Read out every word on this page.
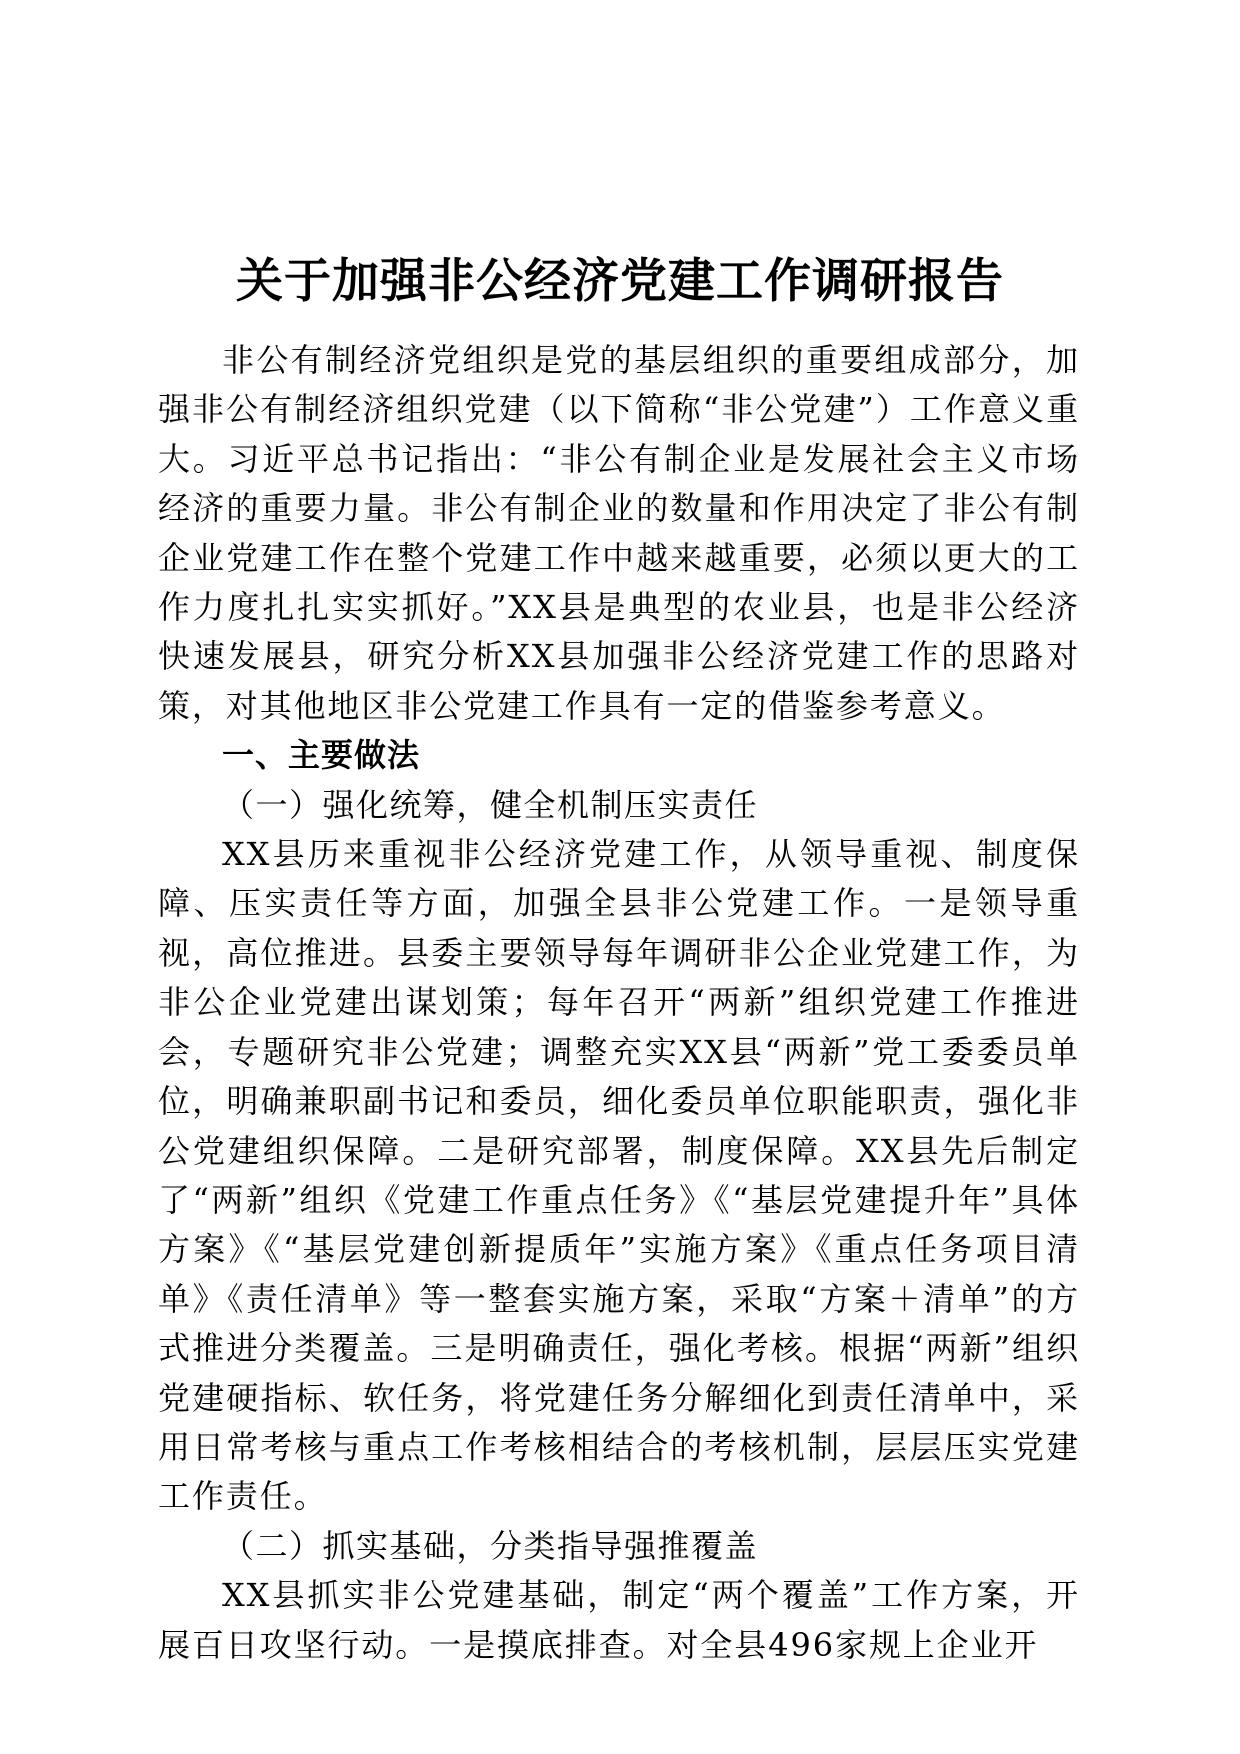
关于加强非公经济党建工作调研报告

非公有制经济党组织是党的基层组织的重要组成部分，加强非公有制经济组织党建（以下简称“非公党建”）工作意义重大。习近平总书记指出：“非公有制企业是发展社会主义市场经济的重要力量。非公有制企业的数量和作用决定了非公有制企业党建工作在整个党建工作中越来越重要，必须以更大的工作力度扎扎实实抓好。”XX县是典型的农业县，也是非公经济快速发展县，研究分析XX县加强非公经济党建工作的思路对策，对其他地区非公党建工作具有一定的借鉴参考意义。

一、主要做法

（一）强化统筹，健全机制压实责任

XX县历来重视非公经济党建工作，从领导重视、制度保障、压实责任等方面，加强全县非公党建工作。一是领导重视，高位推进。县委主要领导每年调研非公企业党建工作，为非公企业党建出谋划策；每年召开“两新”组织党建工作推进会，专题研究非公党建；调整充实XX县“两新”党工委委员单位，明确兼职副书记和委员，细化委员单位职能职责，强化非公党建组织保障。二是研究部署，制度保障。XX县先后制定了“两新”组织《党建工作重点任务》《“基层党建提升年”具体方案》《“基层党建创新提质年”实施方案》《重点任务项目清单》《责任清单》等一整套实施方案，采取“方案＋清单”的方式推进分类覆盖。三是明确责任，强化考核。根据“两新”组织党建硬指标、软任务，将党建任务分解细化到责任清单中，采用日常考核与重点工作考核相结合的考核机制，层层压实党建工作责任。

（二）抓实基础，分类指导强推覆盖

XX县抓实非公党建基础，制定“两个覆盖”工作方案，开展百日攻坚行动。一是摸底排查。对全县496家规上企业开
